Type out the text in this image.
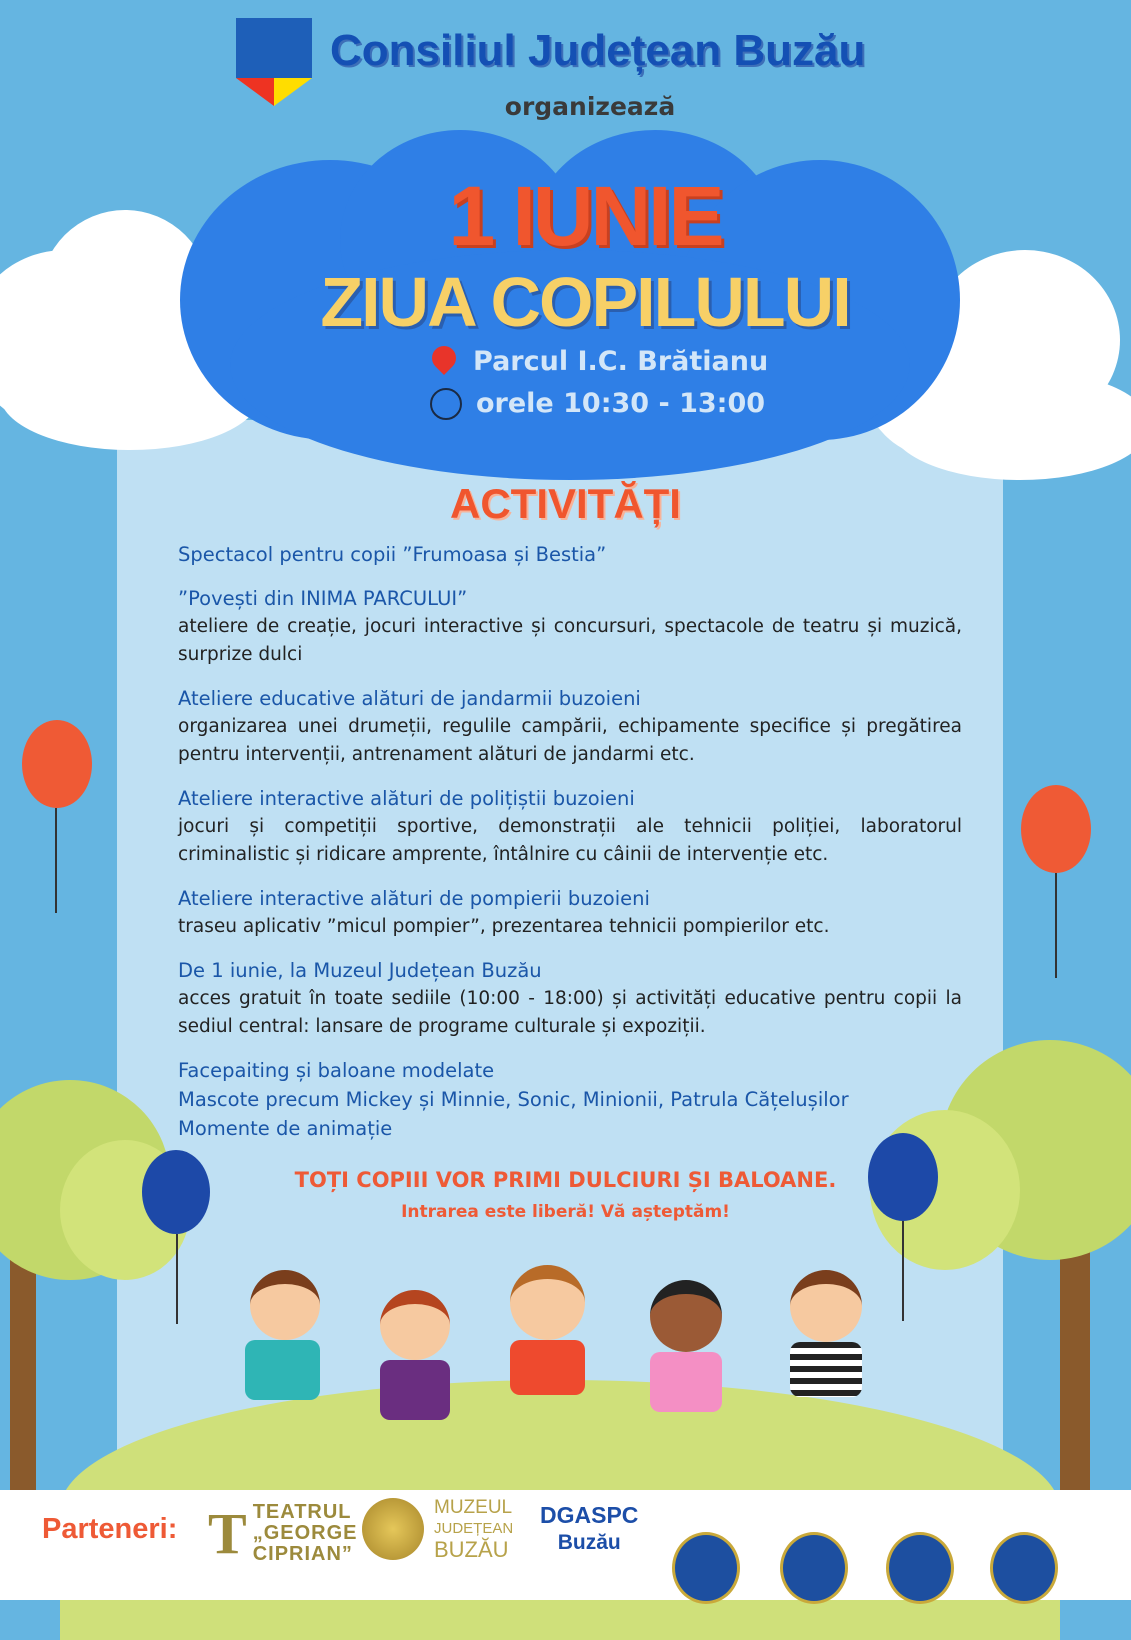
Consiliul Județean Buzău
organizează
1 IUNIE
ZIUA COPILULUI
Parcul I.C. Brătianu
orele 10:30 - 13:00
ACTIVITĂȚI
Spectacol pentru copii ”Frumoasa și Bestia”
”Povești din INIMA PARCULUI”
ateliere de creație, jocuri interactive și concursuri, spectacole de teatru și muzică, surprize dulci
Ateliere educative alături de jandarmii buzoieni
organizarea unei drumeții, regulile campării, echipamente specifice și pregătirea pentru intervenții, antrenament alături de jandarmi etc.
Ateliere interactive alături de polițiștii buzoieni
jocuri și competiții sportive, demonstrații ale tehnicii poliției, laboratorul criminalistic și ridicare amprente, întâlnire cu câinii de intervenție etc.
Ateliere interactive alături de pompierii buzoieni
traseu aplicativ ”micul pompier”, prezentarea tehnicii pompierilor etc.
De 1 iunie, la Muzeul Județean Buzău
acces gratuit în toate sediile (10:00 - 18:00) și activități educative pentru copii la sediul central: lansare de programe culturale și expoziții.
Facepaiting și baloane modelate
Mascote precum Mickey și Minnie, Sonic, Minionii, Patrula Cățelușilor
Momente de animație
TOȚI COPIII VOR PRIMI DULCIURI ȘI BALOANE.
Intrarea este liberă! Vă așteptăm!
Parteneri: T TEATRUL
„GEORGE
CIPRIAN”
MUZEUL
JUDEȚEAN
BUZĂU
DGASPC
Buzău
